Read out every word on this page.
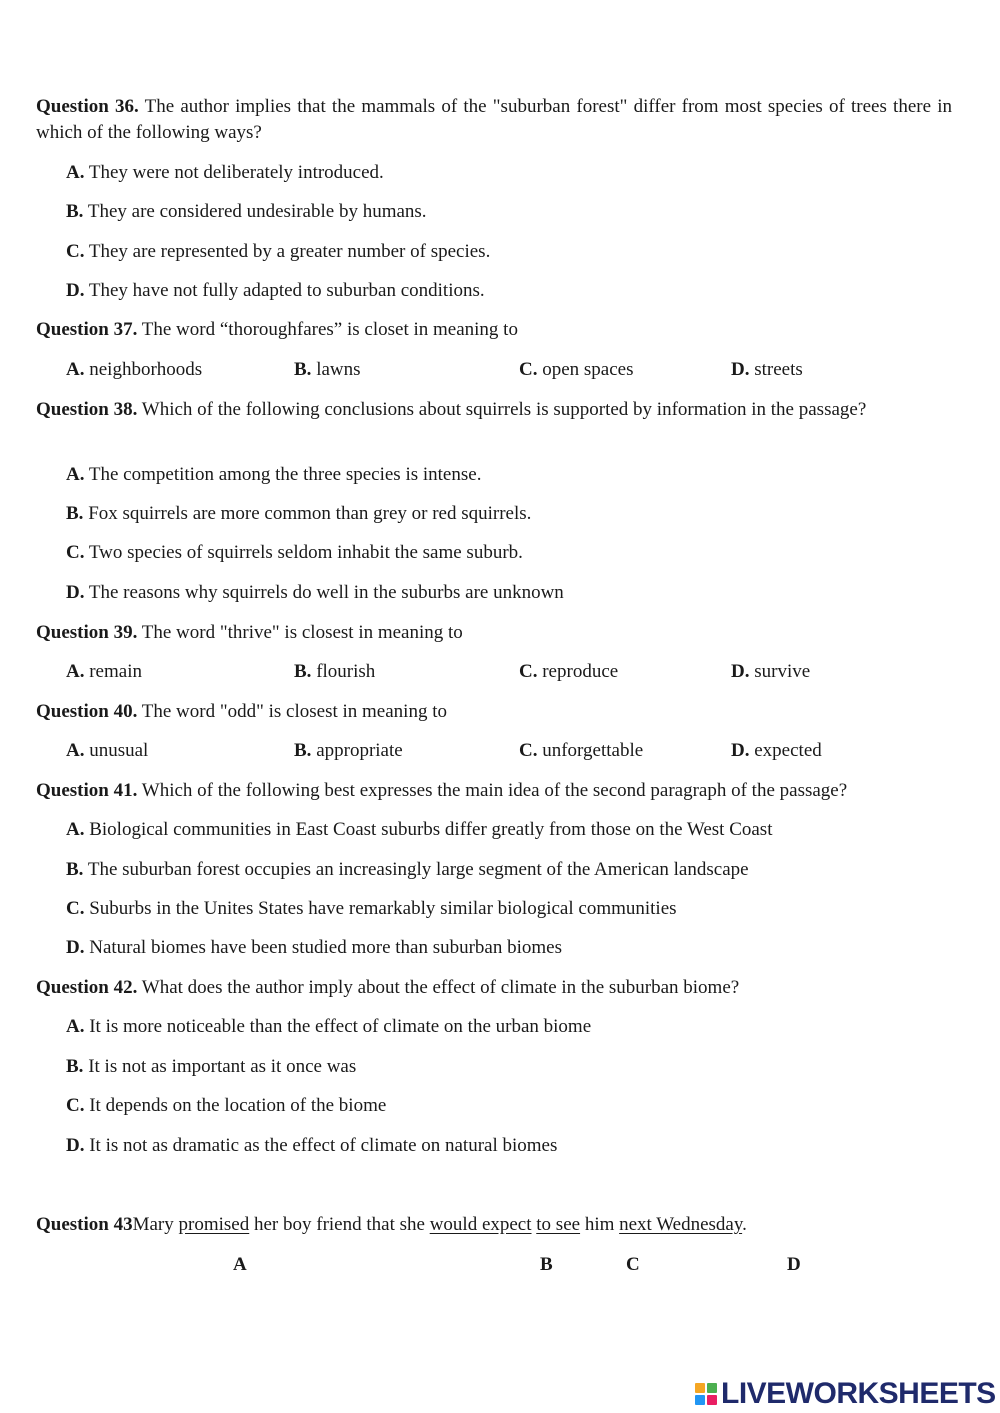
Question 36. The author implies that the mammals of the "suburban forest" differ from most species of trees there in which of the following ways?
A. They were not deliberately introduced.
B. They are considered undesirable by humans.
C. They are represented by a greater number of species.
D. They have not fully adapted to suburban conditions.
Question 37. The word “thoroughfares” is closet in meaning to
A. neighborhoods	B. lawns	C. open spaces	D. streets
Question 38. Which of the following conclusions about squirrels is supported by information in the passage?
A. The competition among the three species is intense.
B. Fox squirrels are more common than grey or red squirrels.
C. Two species of squirrels seldom inhabit the same suburb.
D. The reasons why squirrels do well in the suburbs are unknown
Question 39. The word "thrive" is closest in meaning to
A. remain	B. flourish	C. reproduce	D. survive
Question 40. The word "odd" is closest in meaning to
A. unusual	B. appropriate	C. unforgettable	D. expected
Question 41. Which of the following best expresses the main idea of the second paragraph of the passage?
A. Biological communities in East Coast suburbs differ greatly from those on the West Coast
B. The suburban forest occupies an increasingly large segment of the American landscape
C. Suburbs in the Unites States have remarkably similar biological communities
D. Natural biomes have been studied more than suburban biomes
Question 42. What does the author imply about the effect of climate in the suburban biome?
A. It is more noticeable than the effect of climate on the urban biome
B. It is not as important as it once was
C. It depends on the location of the biome
D. It is not as dramatic as the effect of climate on natural biomes
Question 43Mary promised her boy friend that she would expect to see him next Wednesday.
A	B	C	D
LIVEWORKSHEETS
